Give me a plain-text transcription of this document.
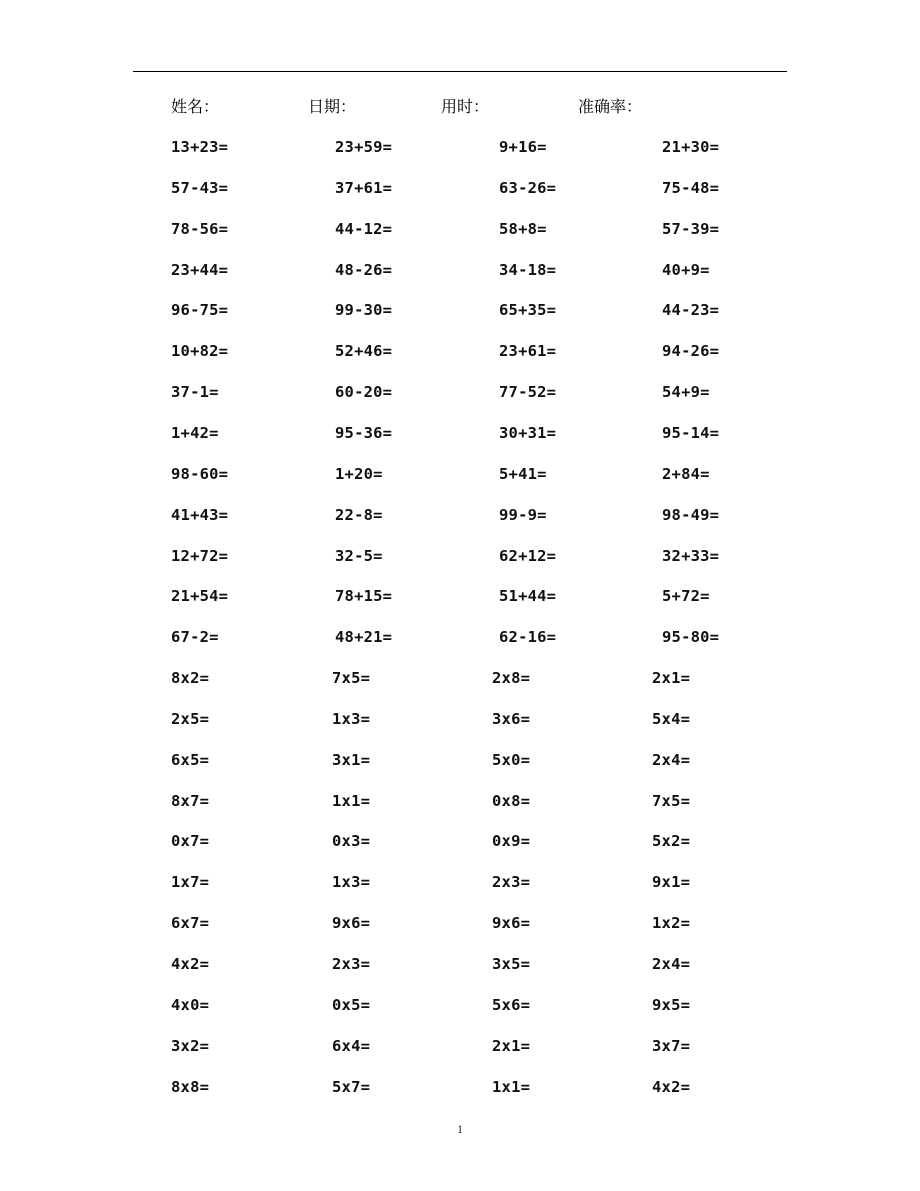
姓名：	日期：	用时：	准确率：
13+23=	23+59=	9+16=	21+30=
57-43=	37+61=	63-26=	75-48=
78-56=	44-12=	58+8=	57-39=
23+44=	48-26=	34-18=	40+9=
96-75=	99-30=	65+35=	44-23=
10+82=	52+46=	23+61=	94-26=
37-1=	60-20=	77-52=	54+9=
1+42=	95-36=	30+31=	95-14=
98-60=	1+20=	5+41=	2+84=
41+43=	22-8=	99-9=	98-49=
12+72=	32-5=	62+12=	32+33=
21+54=	78+15=	51+44=	5+72=
67-2=	48+21=	62-16=	95-80=
8x2=	7x5=	2x8=	2x1=
2x5=	1x3=	3x6=	5x4=
6x5=	3x1=	5x0=	2x4=
8x7=	1x1=	0x8=	7x5=
0x7=	0x3=	0x9=	5x2=
1x7=	1x3=	2x3=	9x1=
6x7=	9x6=	9x6=	1x2=
4x2=	2x3=	3x5=	2x4=
4x0=	0x5=	5x6=	9x5=
3x2=	6x4=	2x1=	3x7=
8x8=	5x7=	1x1=	4x2=
1
